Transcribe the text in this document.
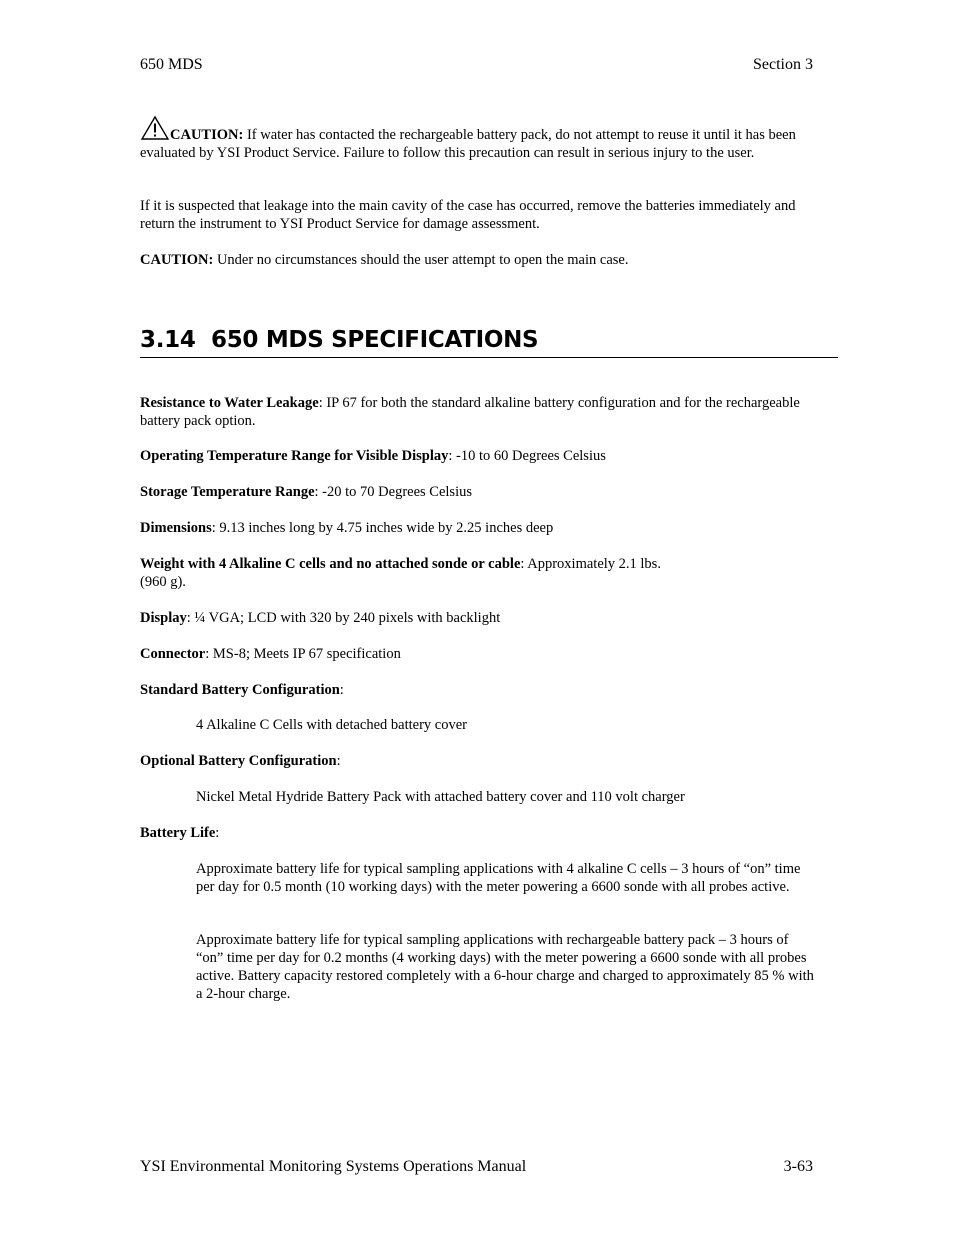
650 MDS	Section 3
CAUTION: If water has contacted the rechargeable battery pack, do not attempt to reuse it until it has been evaluated by YSI Product Service. Failure to follow this precaution can result in serious injury to the user.
If it is suspected that leakage into the main cavity of the case has occurred, remove the batteries immediately and return the instrument to YSI Product Service for damage assessment.
CAUTION: Under no circumstances should the user attempt to open the main case.
3.14 650 MDS SPECIFICATIONS
Resistance to Water Leakage: IP 67 for both the standard alkaline battery configuration and for the rechargeable battery pack option.
Operating Temperature Range for Visible Display: -10 to 60 Degrees Celsius
Storage Temperature Range: -20 to 70 Degrees Celsius
Dimensions: 9.13 inches long by 4.75 inches wide by 2.25 inches deep
Weight with 4 Alkaline C cells and no attached sonde or cable: Approximately 2.1 lbs.
(960 g).
Display: ¼ VGA; LCD with 320 by 240 pixels with backlight
Connector: MS-8; Meets IP 67 specification
Standard Battery Configuration:
4 Alkaline C Cells with detached battery cover
Optional Battery Configuration:
Nickel Metal Hydride Battery Pack with attached battery cover and 110 volt charger
Battery Life:
Approximate battery life for typical sampling applications with 4 alkaline C cells – 3 hours of “on” time per day for 0.5 month (10 working days) with the meter powering a 6600 sonde with all probes active.
Approximate battery life for typical sampling applications with rechargeable battery pack – 3 hours of “on” time per day for 0.2 months (4 working days) with the meter powering a 6600 sonde with all probes active. Battery capacity restored completely with a 6-hour charge and charged to approximately 85 % with a 2-hour charge.
YSI Environmental Monitoring Systems Operations Manual	3-63
